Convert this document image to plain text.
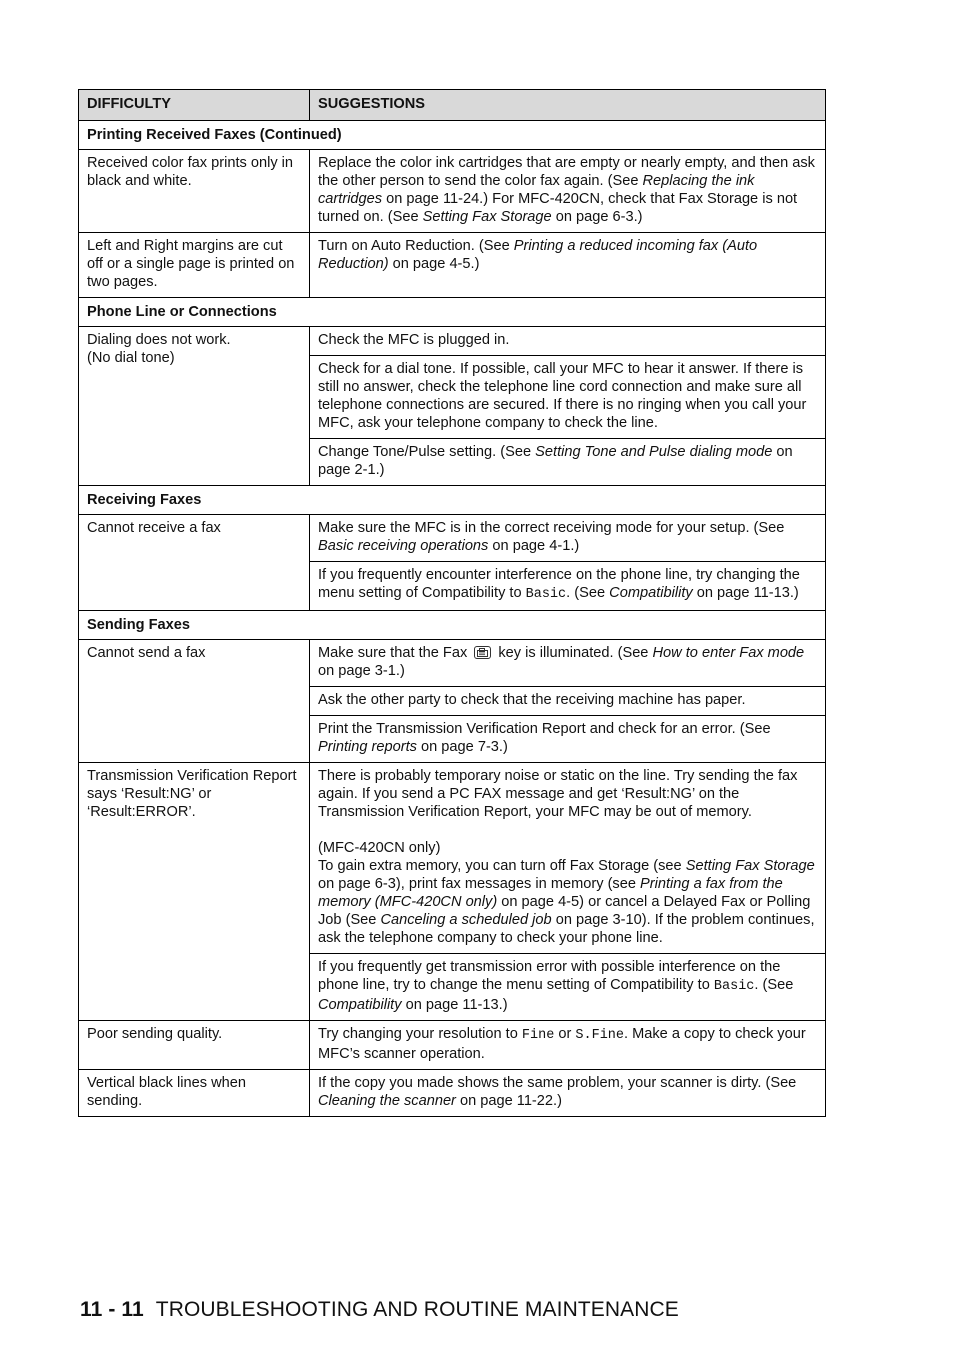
DIFFICULTY	SUGGESTIONS
Printing Received Faxes (Continued)	
Received color fax prints only in black and white.	Replace the color ink cartridges that are empty or nearly empty, and then ask the other person to send the color fax again. (See Replacing the ink cartridges on page 11-24.) For MFC-420CN, check that Fax Storage is not turned on. (See Setting Fax Storage on page 6-3.)
Left and Right margins are cut off or a single page is printed on two pages.	Turn on Auto Reduction. (See Printing a reduced incoming fax (Auto Reduction) on page 4-5.)
Phone Line or Connections	
Dialing does not work.
(No dial tone)	Check the MFC is plugged in.
	Check for a dial tone. If possible, call your MFC to hear it answer. If there is still no answer, check the telephone line cord connection and make sure all telephone connections are secured. If there is no ringing when you call your MFC, ask your telephone company to check the line.
	Change Tone/Pulse setting. (See Setting Tone and Pulse dialing mode on page 2-1.)
Receiving Faxes	
Cannot receive a fax	Make sure the MFC is in the correct receiving mode for your setup. (See Basic receiving operations on page 4-1.)
	If you frequently encounter interference on the phone line, try changing the menu setting of Compatibility to Basic. (See Compatibility on page 11-13.)
Sending Faxes	
Cannot send a fax	Make sure that the Fax
key is illuminated. (See How to enter Fax mode on page 3-1.)
	Ask the other party to check that the receiving machine has paper.
	Print the Transmission Verification Report and check for an error. (See Printing reports on page 7-3.)
Transmission Verification Report says ‘Result:NG’ or ‘Result:ERROR’.	There is probably temporary noise or static on the line. Try sending the fax again. If you send a PC FAX message and get ‘Result:NG’ on the Transmission Verification Report, your MFC may be out of memory.
(MFC-420CN only)
To gain extra memory, you can turn off Fax Storage (see Setting Fax Storage on page 6-3), print fax messages in memory (see Printing a fax from the memory (MFC-420CN only) on page 4-5) or cancel a Delayed Fax or Polling Job (See Canceling a scheduled job on page 3-10). If the problem continues, ask the telephone company to check your phone line.
	If you frequently get transmission error with possible interference on the phone line, try to change the menu setting of Compatibility to Basic. (See Compatibility on page 11-13.)
Poor sending quality.	Try changing your resolution to Fine or S.Fine. Make a copy to check your MFC’s scanner operation.
Vertical black lines when sending.	If the copy you made shows the same problem, your scanner is dirty. (See Cleaning the scanner on page 11-22.)
11 - 11 TROUBLESHOOTING AND ROUTINE MAINTENANCE
